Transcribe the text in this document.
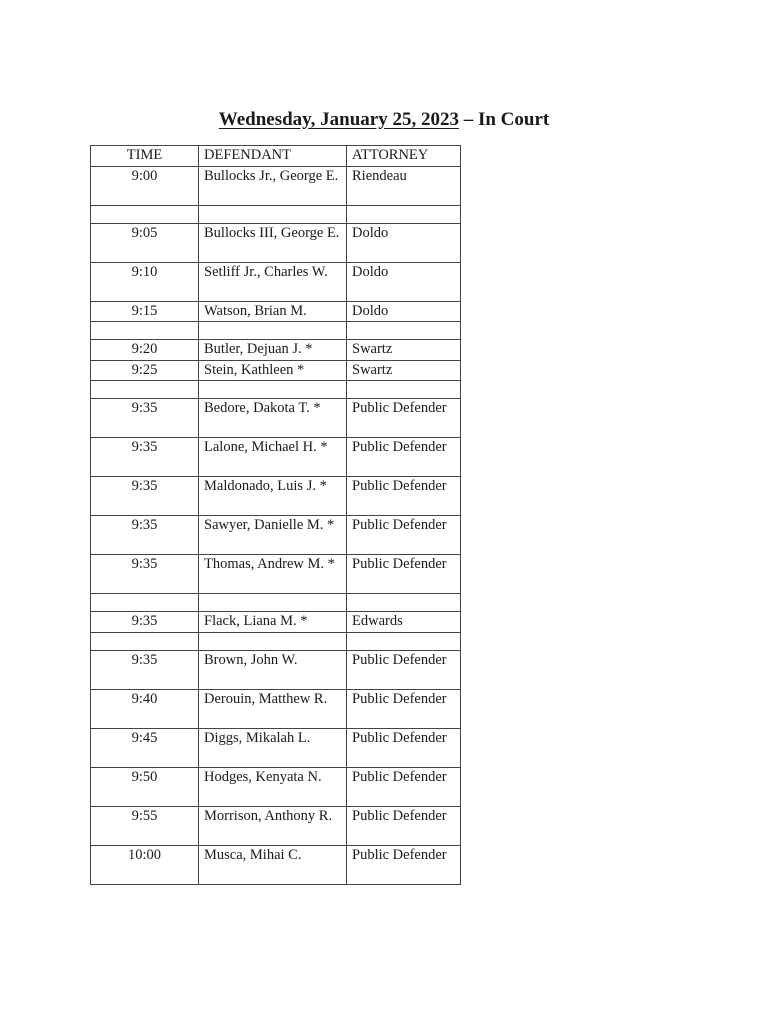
Wednesday, January 25, 2023 – In Court
TIME	DEFENDANT	ATTORNEY
9:00	Bullocks Jr., George E.	Riendeau

9:05	Bullocks III, George E.	Doldo
9:10	Setliff Jr., Charles W.	Doldo
9:15	Watson, Brian M.	Doldo

9:20	Butler, Dejuan J. *	Swartz
9:25	Stein, Kathleen *	Swartz

9:35	Bedore, Dakota T. *	Public Defender
9:35	Lalone, Michael H. *	Public Defender
9:35	Maldonado, Luis J. *	Public Defender
9:35	Sawyer, Danielle M. *	Public Defender
9:35	Thomas, Andrew M. *	Public Defender

9:35	Flack, Liana M. *	Edwards

9:35	Brown, John W.	Public Defender
9:40	Derouin, Matthew R.	Public Defender
9:45	Diggs, Mikalah L.	Public Defender
9:50	Hodges, Kenyata N.	Public Defender
9:55	Morrison, Anthony R.	Public Defender
10:00	Musca, Mihai C.	Public Defender
